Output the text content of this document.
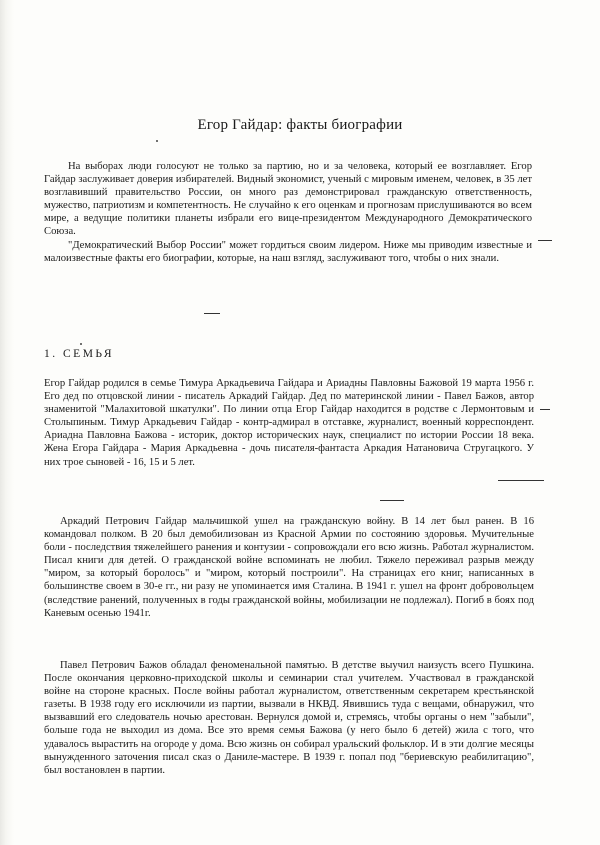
Егор Гайдар: факты биографии

На выборах люди голосуют не только за партию, но и за человека, который ее возглавляет. Егор Гайдар заслуживает доверия избирателей. Видный экономист, ученый с мировым именем, человек, в 35 лет возглавивший правительство России, он много раз демонстрировал гражданскую ответственность, мужество, патриотизм и компетентность. Не случайно к его оценкам и прогнозам прислушиваются во всем мире, а ведущие политики планеты избрали его вице-президентом Международного Демократического Союза.

"Демократический Выбор России" может гордиться своим лидером. Ниже мы приводим известные и малоизвестные факты его биографии, которые, на наш взгляд, заслуживают того, чтобы о них знали.

1. СЕМЬЯ

Егор Гайдар родился в семье Тимура Аркадьевича Гайдара и Ариадны Павловны Бажовой 19 марта 1956 г. Его дед по отцовской линии - писатель Аркадий Гайдар. Дед по материнской линии - Павел Бажов, автор знаменитой "Малахитовой шкатулки". По линии отца Егор Гайдар находится в родстве с Лермонтовым и Столыпиным. Тимур Аркадьевич Гайдар - контр-адмирал в отставке, журналист, военный корреспондент. Ариадна Павловна Бажова - историк, доктор исторических наук, специалист по истории России 18 века. Жена Егора Гайдара - Мария Аркадьевна - дочь писателя-фантаста Аркадия Натановича Стругацкого. У них трое сыновей - 16, 15 и 5 лет.

Аркадий Петрович Гайдар мальчишкой ушел на гражданскую войну. В 14 лет был ранен. В 16 командовал полком. В 20 был демобилизован из Красной Армии по состоянию здоровья. Мучительные боли - последствия тяжелейшего ранения и контузии - сопровождали его всю жизнь. Работал журналистом. Писал книги для детей. О гражданской войне вспоминать не любил. Тяжело переживал разрыв между "миром, за который боролось" и "миром, который построили". На страницах его книг, написанных в большинстве своем в 30-е гг., ни разу не упоминается имя Сталина. В 1941 г. ушел на фронт добровольцем (вследствие ранений, полученных в годы гражданской войны, мобилизации не подлежал). Погиб в боях под Каневым осенью 1941г.

Павел Петрович Бажов обладал феноменальной памятью. В детстве выучил наизусть всего Пушкина. После окончания церковно-приходской школы и семинарии стал учителем. Участвовал в гражданской войне на стороне красных. После войны работал журналистом, ответственным секретарем крестьянской газеты. В 1938 году его исключили из партии, вызвали в НКВД. Явившись туда с вещами, обнаружил, что вызвавший его следователь ночью арестован. Вернулся домой и, стремясь, чтобы органы о нем "забыли", больше года не выходил из дома. Все это время семья Бажова (у него было 6 детей) жила с того, что удавалось вырастить на огороде у дома. Всю жизнь он собирал уральский фольклор. И в эти долгие месяцы вынужденного заточения писал сказ о Даниле-мастере. В 1939 г. попал под "бериевскую реабилитацию", был востановлен в партии.
